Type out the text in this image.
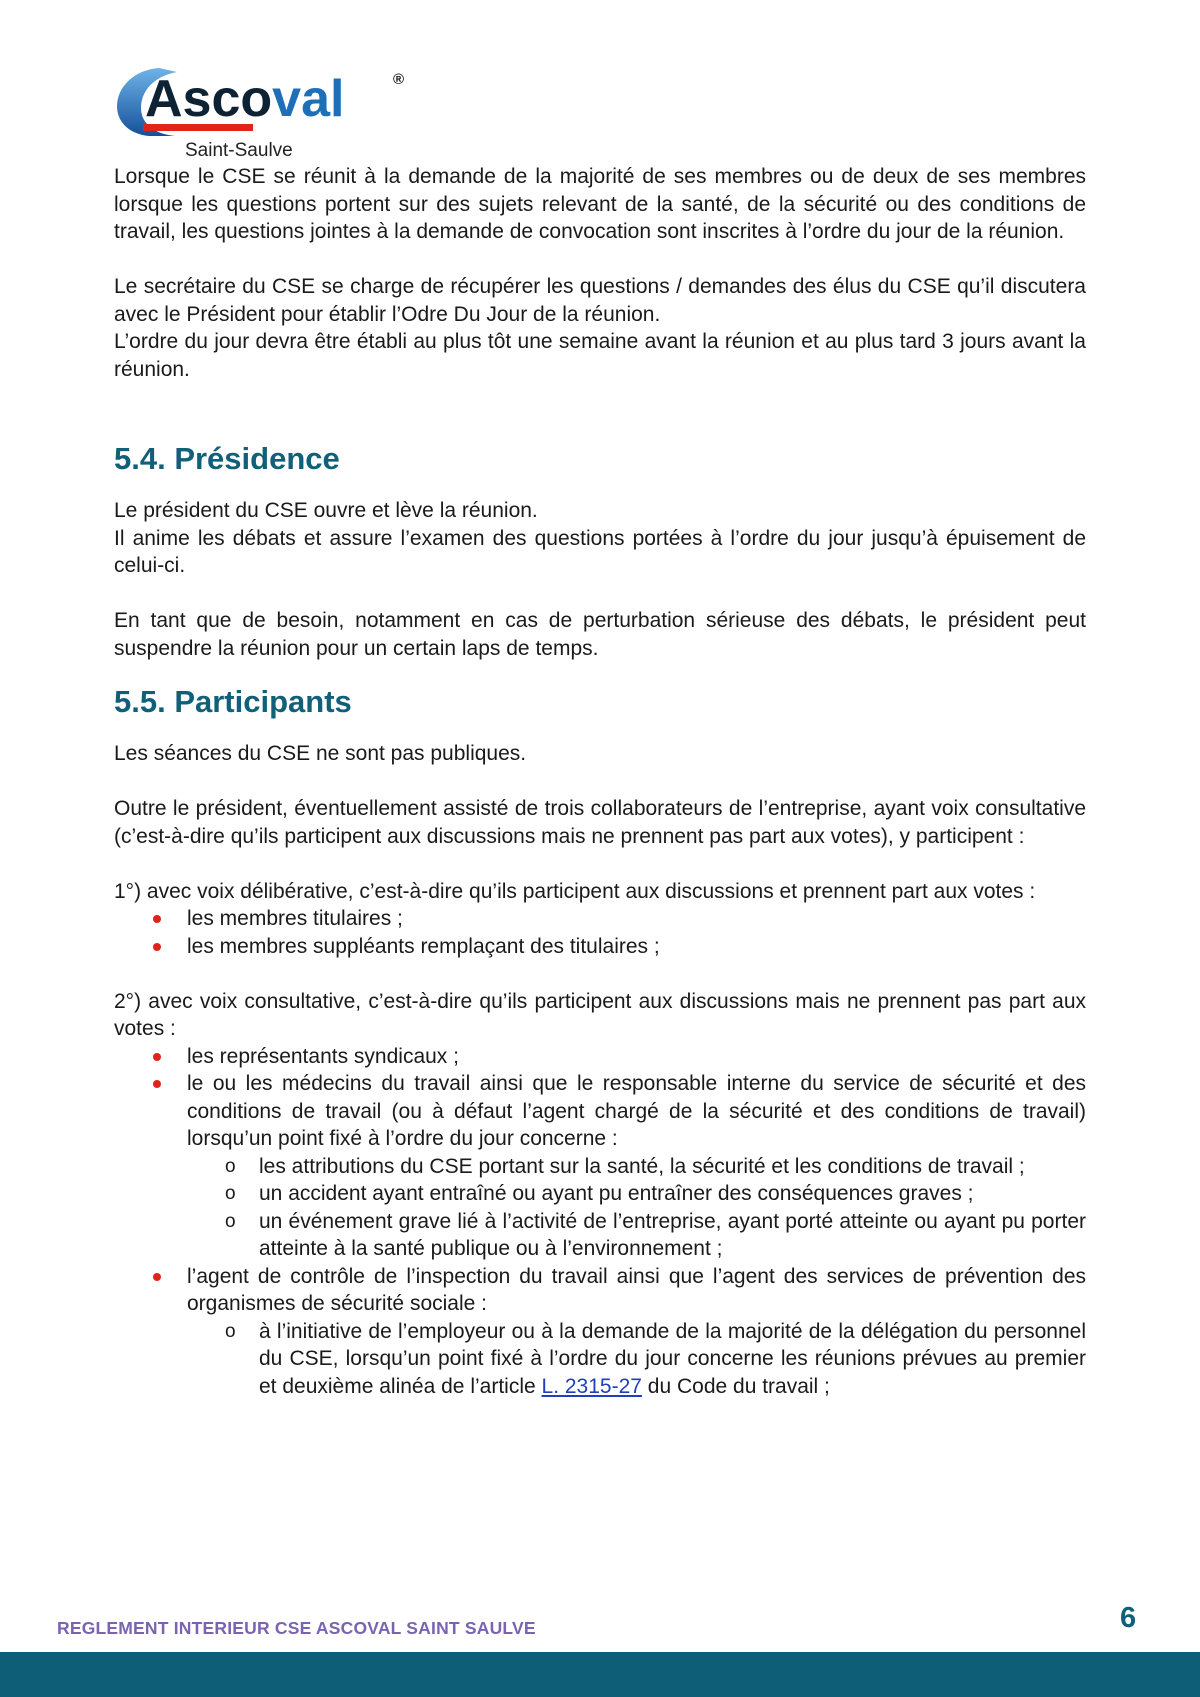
Ascoval	®
Saint-Saulve

Lorsque le CSE se réunit à la demande de la majorité de ses membres ou de deux de ses membres lorsque les questions portent sur des sujets relevant de la santé, de la sécurité ou des conditions de travail, les questions jointes à la demande de convocation sont inscrites à l’ordre du jour de la réunion.

Le secrétaire du CSE se charge de récupérer les questions / demandes des élus du CSE qu’il discutera avec le Président pour établir l’Odre Du Jour de la réunion.

L’ordre du jour devra être établi au plus tôt une semaine avant la réunion et au plus tard 3 jours avant la réunion.

5.4. Présidence

Le président du CSE ouvre et lève la réunion.

Il anime les débats et assure l’examen des questions portées à l’ordre du jour jusqu’à épuisement de celui-ci.

En tant que de besoin, notamment en cas de perturbation sérieuse des débats, le président peut suspendre la réunion pour un certain laps de temps.

5.5. Participants

Les séances du CSE ne sont pas publiques.

Outre le président, éventuellement assisté de trois collaborateurs de l’entreprise, ayant voix consultative (c’est-à-dire qu’ils participent aux discussions mais ne prennent pas part aux votes), y participent :

1°) avec voix délibérative, c’est-à-dire qu’ils participent aux discussions et prennent part aux votes :

les membres titulaires ;
les membres suppléants remplaçant des titulaires ;

2°) avec voix consultative, c’est-à-dire qu’ils participent aux discussions mais ne prennent pas part aux votes :

les représentants syndicaux ;
le ou les médecins du travail ainsi que le responsable interne du service de sécurité et des conditions de travail (ou à défaut l’agent chargé de la sécurité et des conditions de travail) lorsqu’un point fixé à l’ordre du jour concerne :
o les attributions du CSE portant sur la santé, la sécurité et les conditions de travail ;
o un accident ayant entraîné ou ayant pu entraîner des conséquences graves ;
o un événement grave lié à l’activité de l’entreprise, ayant porté atteinte ou ayant pu porter atteinte à la santé publique ou à l’environnement ;
l’agent de contrôle de l’inspection du travail ainsi que l’agent des services de prévention des organismes de sécurité sociale :
o à l’initiative de l’employeur ou à la demande de la majorité de la délégation du personnel du CSE, lorsqu’un point fixé à l’ordre du jour concerne les réunions prévues au premier et deuxième alinéa de l’article L. 2315-27 du Code du travail ;
REGLEMENT INTERIEUR CSE ASCOVAL SAINT SAULVE	6
